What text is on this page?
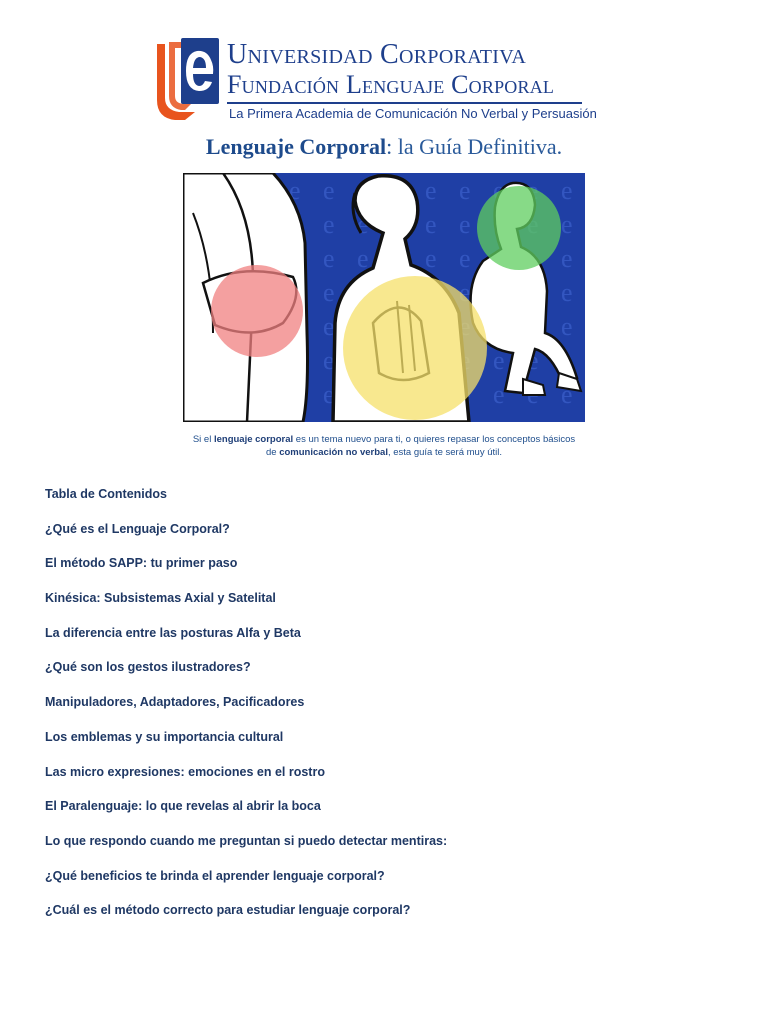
Universidad Corporativa
Fundación Lenguaje Corporal
La Primera Academia de Comunicación No Verbal y Persuasión
Lenguaje Corporal: la Guía Definitiva.
Si el lenguaje corporal es un tema nuevo para ti, o quieres repasar los conceptos básicos
de comunicación no verbal, esta guía te será muy útil.
Tabla de Contenidos
¿Qué es el Lenguaje Corporal?
El método SAPP: tu primer paso
Kinésica: Subsistemas Axial y Satelital
La diferencia entre las posturas Alfa y Beta
¿Qué son los gestos ilustradores?
Manipuladores, Adaptadores, Pacificadores
Los emblemas y su importancia cultural
Las micro expresiones: emociones en el rostro
El Paralenguaje: lo que revelas al abrir la boca
Lo que respondo cuando me preguntan si puedo detectar mentiras:
¿Qué beneficios te brinda el aprender lenguaje corporal?
¿Cuál es el método correcto para estudiar lenguaje corporal?
